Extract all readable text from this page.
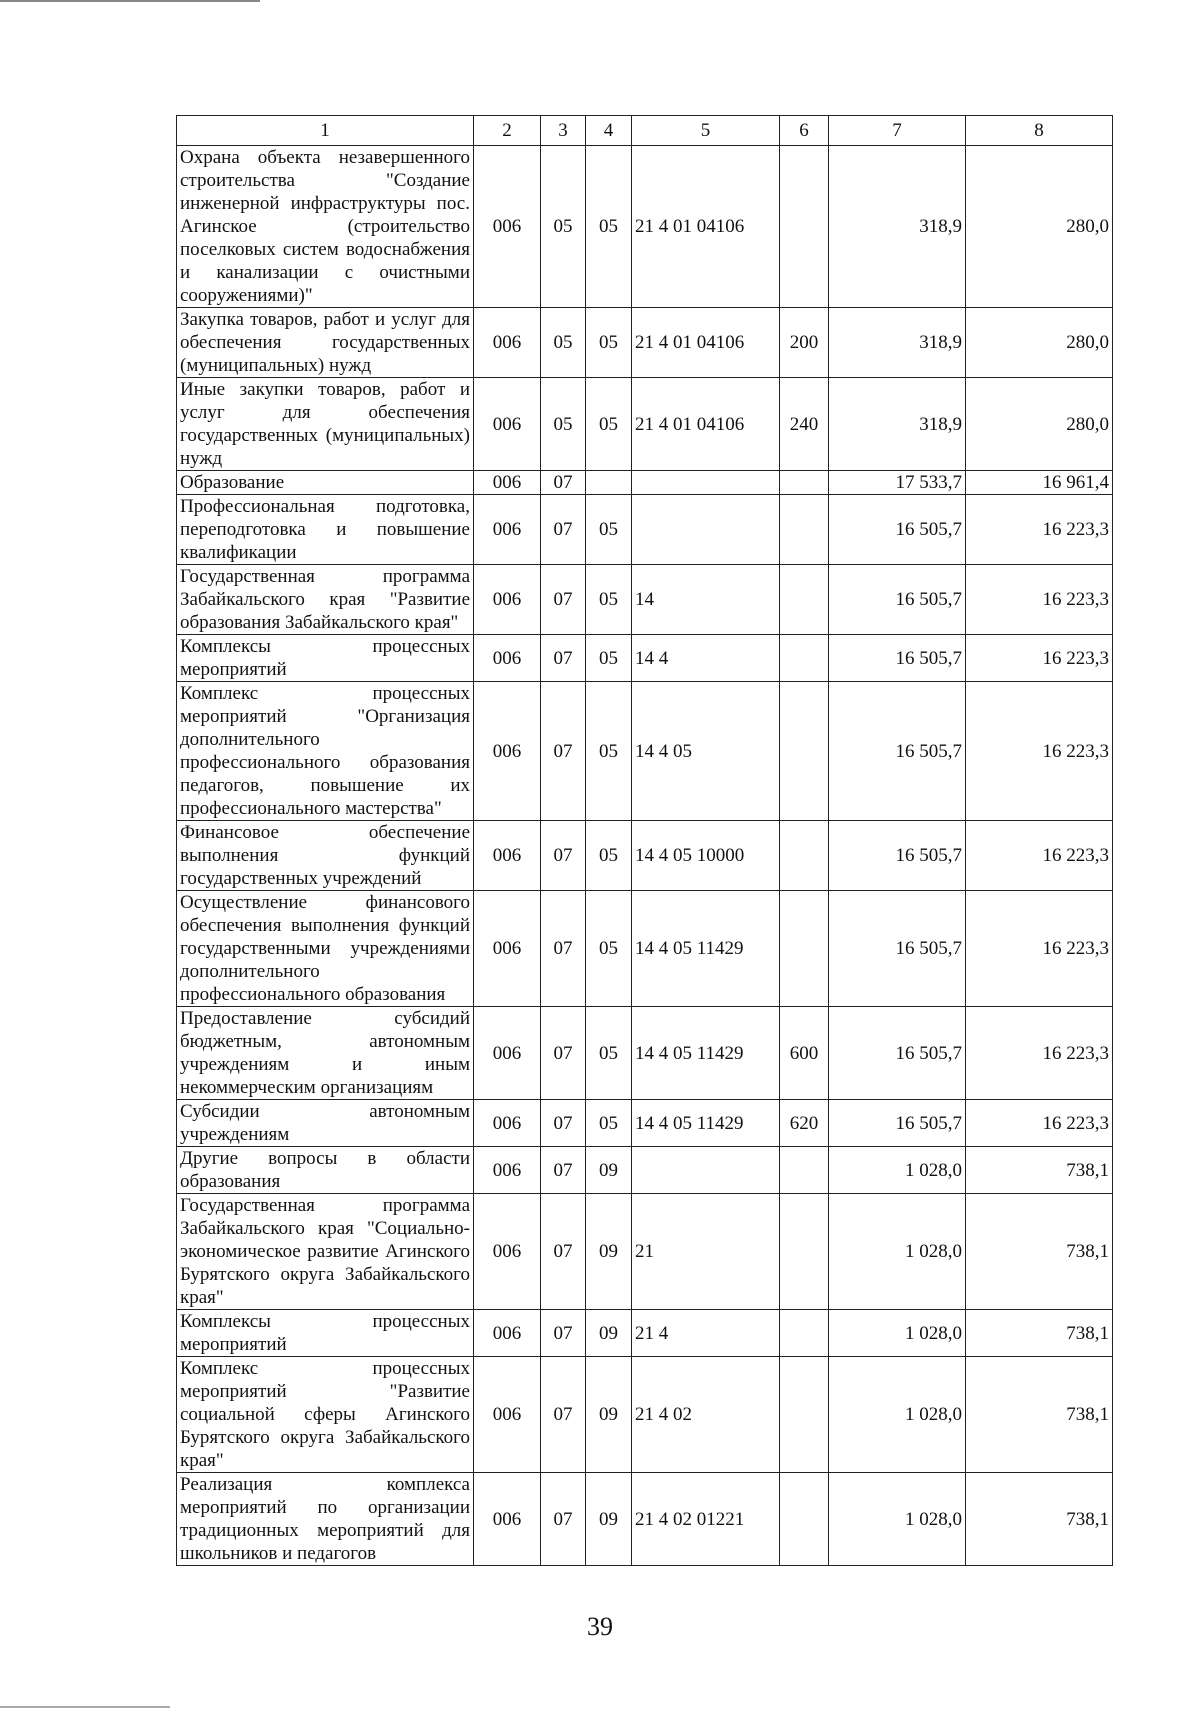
1	2	3	4	5	6	7	8
Охрана объекта незавершенного строительства "Создание инженерной инфраструктуры пос. Агинское (строительство поселковых систем водоснабжения и канализации с очистными сооружениями)"	006	05	05	21 4 01 04106		318,9	280,0
Закупка товаров, работ и услуг для обеспечения государственных (муниципальных) нужд	006	05	05	21 4 01 04106	200	318,9	280,0
Иные закупки товаров, работ и услуг для обеспечения государственных (муниципальных) нужд	006	05	05	21 4 01 04106	240	318,9	280,0
Образование	006	07				17 533,7	16 961,4
Профессиональная подготовка, переподготовка и повышение квалификации	006	07	05			16 505,7	16 223,3
Государственная программа Забайкальского края "Развитие образования Забайкальского края"	006	07	05	14		16 505,7	16 223,3
Комплексы процессных мероприятий	006	07	05	14 4		16 505,7	16 223,3
Комплекс процессных мероприятий "Организация дополнительного профессионального образования педагогов, повышение их профессионального мастерства"	006	07	05	14 4 05		16 505,7	16 223,3
Финансовое обеспечение выполнения функций государственных учреждений	006	07	05	14 4 05 10000		16 505,7	16 223,3
Осуществление финансового обеспечения выполнения функций государственными учреждениями дополнительного профессионального образования	006	07	05	14 4 05 11429		16 505,7	16 223,3
Предоставление субсидий бюджетным, автономным учреждениям и иным некоммерческим организациям	006	07	05	14 4 05 11429	600	16 505,7	16 223,3
Субсидии автономным учреждениям	006	07	05	14 4 05 11429	620	16 505,7	16 223,3
Другие вопросы в области образования	006	07	09			1 028,0	738,1
Государственная программа Забайкальского края "Социально-экономическое развитие Агинского Бурятского округа Забайкальского края"	006	07	09	21		1 028,0	738,1
Комплексы процессных мероприятий	006	07	09	21 4		1 028,0	738,1
Комплекс процессных мероприятий "Развитие социальной сферы Агинского Бурятского округа Забайкальского края"	006	07	09	21 4 02		1 028,0	738,1
Реализация комплекса мероприятий по организации традиционных мероприятий для школьников и педагогов	006	07	09	21 4 02 01221		1 028,0	738,1
39
